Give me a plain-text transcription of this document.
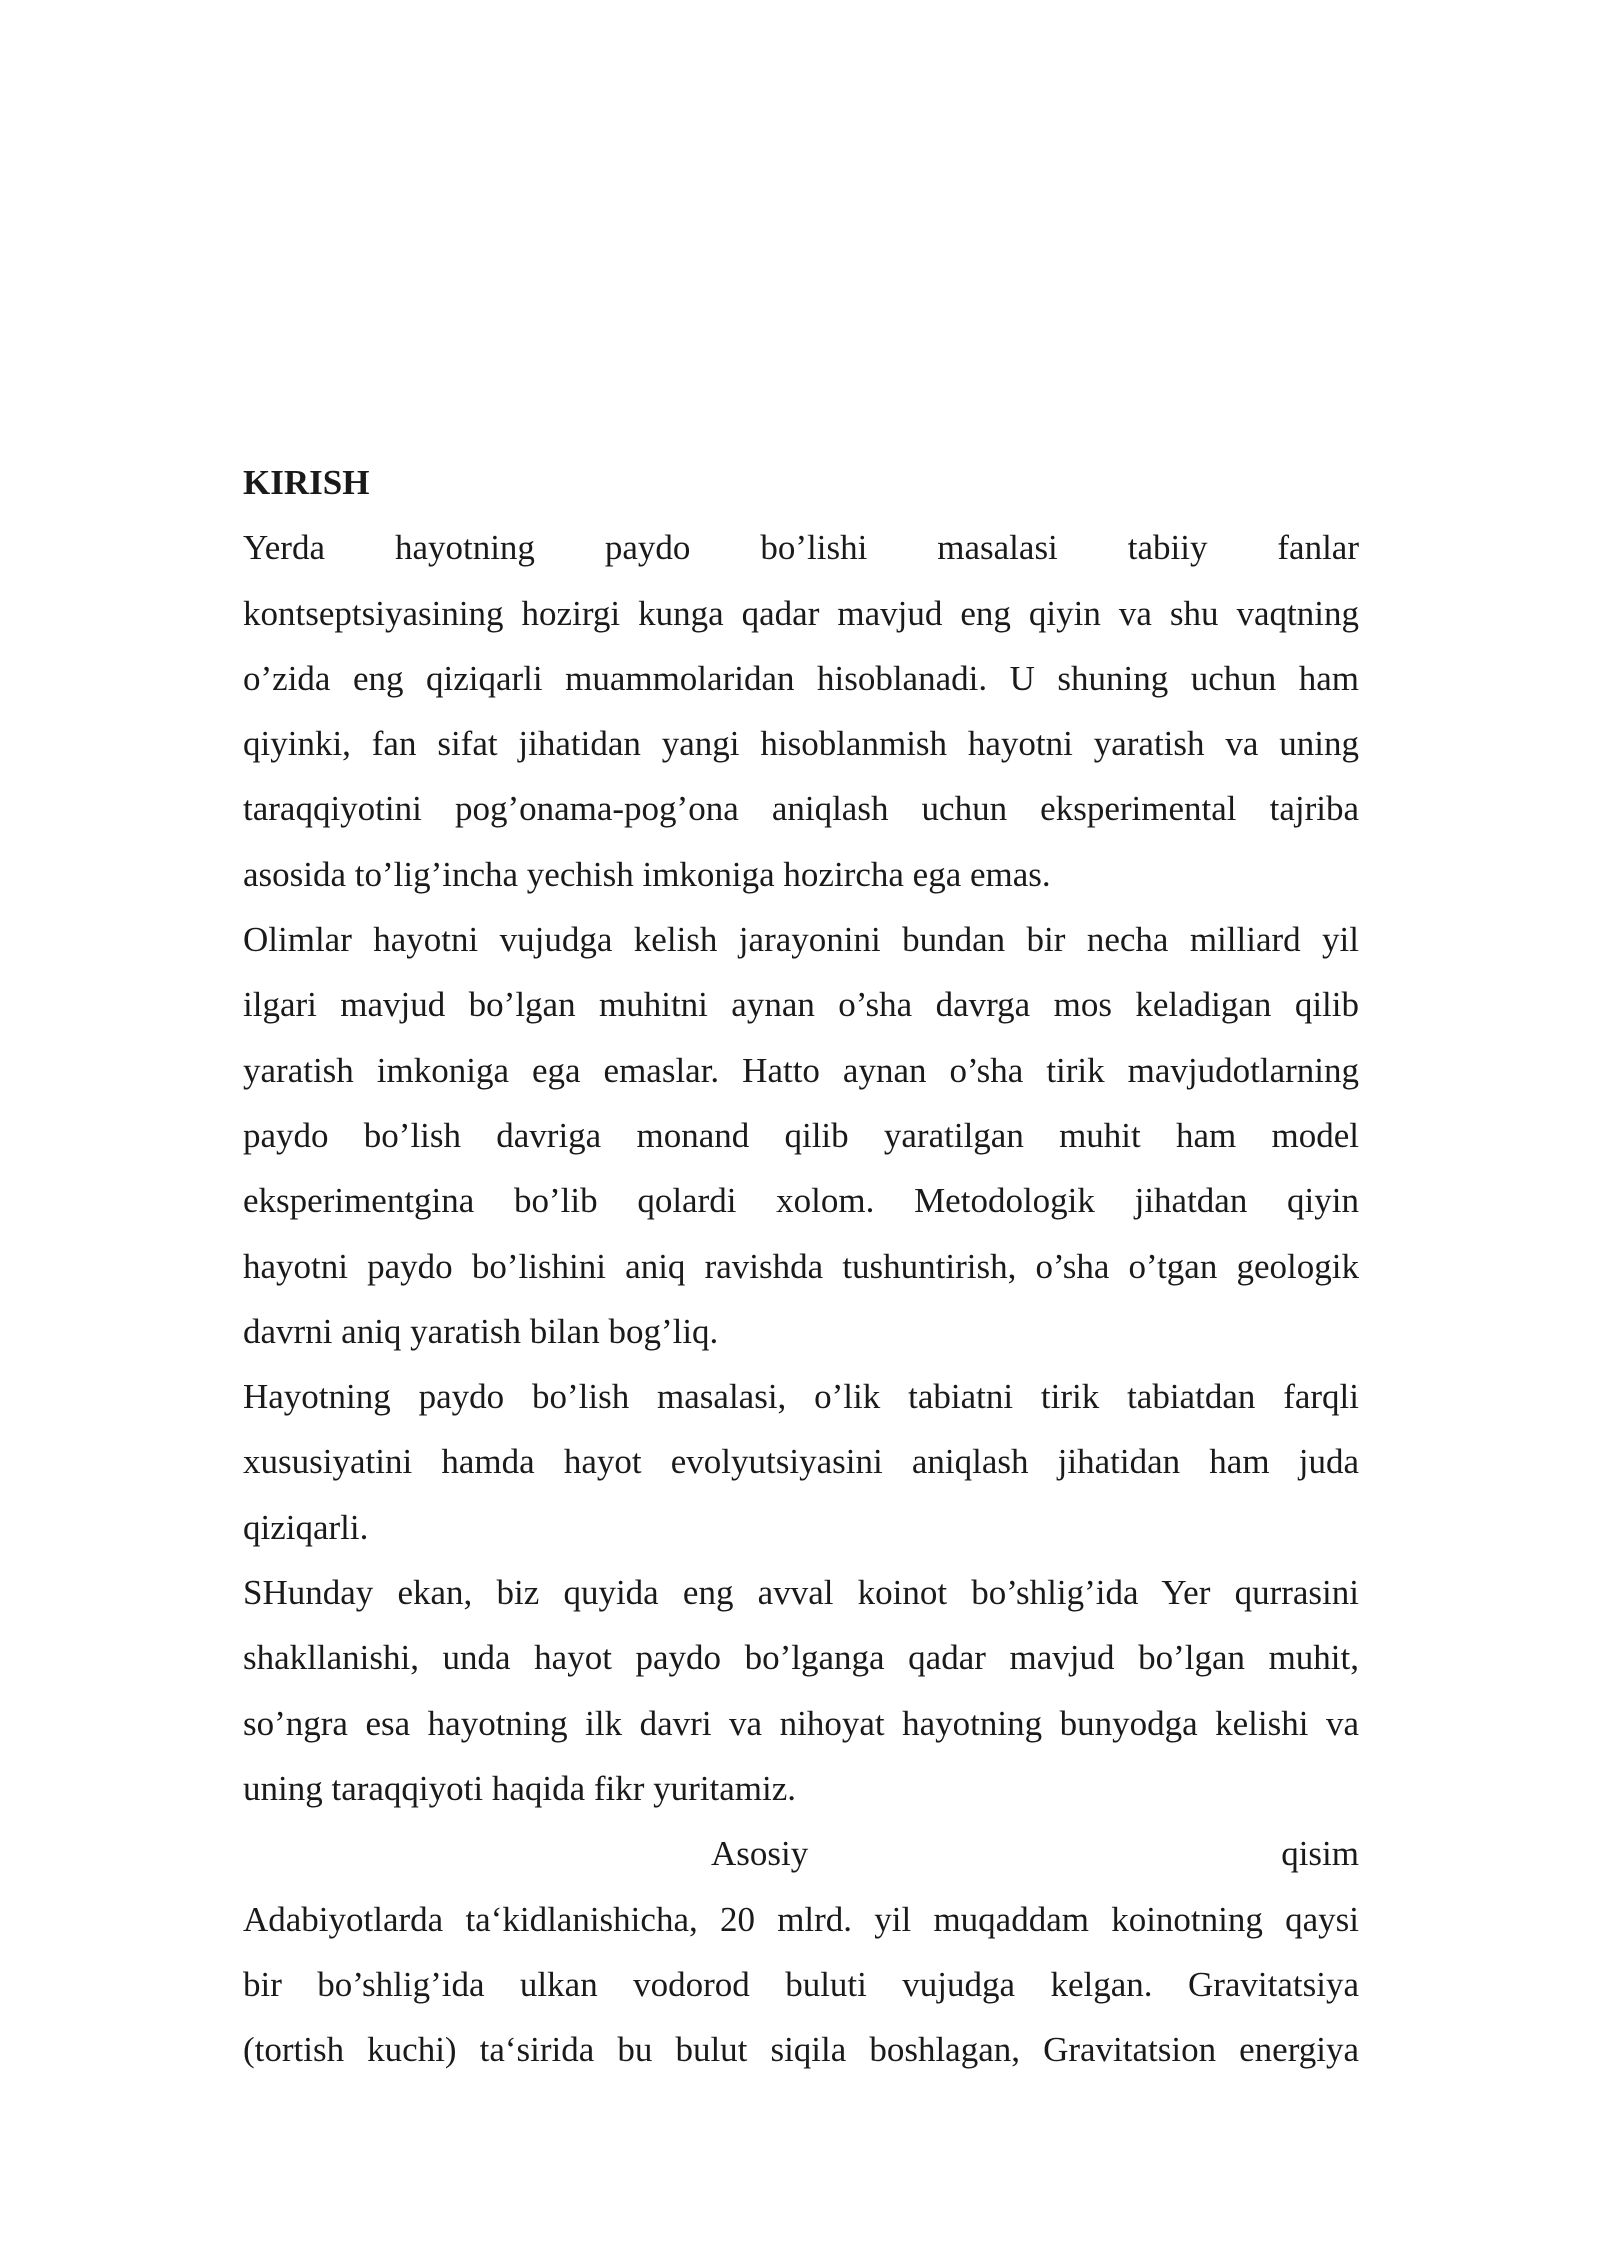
KIRISH
Yerda hayotning paydo bo’lishi masalasi tabiiy fanlar
kontseptsiyasining hozirgi kunga qadar mavjud eng qiyin va shu vaqtning
o’zida eng qiziqarli muammolaridan hisoblanadi. U shuning uchun ham
qiyinki, fan sifat jihatidan yangi hisoblanmish hayotni yaratish va uning
taraqqiyotini pog’onama-pog’ona aniqlash uchun eksperimental tajriba
asosida to’lig’incha yechish imkoniga hozircha ega emas.
Olimlar hayotni vujudga kelish jarayonini bundan bir necha milliard yil
ilgari mavjud bo’lgan muhitni aynan o’sha davrga mos keladigan qilib
yaratish imkoniga ega emaslar. Hatto aynan o’sha tirik mavjudotlarning
paydo bo’lish davriga monand qilib yaratilgan muhit ham model
eksperimentgina bo’lib qolardi xolom. Metodologik jihatdan qiyin
hayotni paydo bo’lishini aniq ravishda tushuntirish, o’sha o’tgan geologik
davrni aniq yaratish bilan bog’liq.
Hayotning paydo bo’lish masalasi, o’lik tabiatni tirik tabiatdan farqli
xususiyatini hamda hayot evolyutsiyasini aniqlash jihatidan ham juda
qiziqarli.
SHunday ekan, biz quyida eng avval koinot bo’shlig’ida Yer qurrasini
shakllanishi, unda hayot paydo bo’lganga qadar mavjud bo’lgan muhit,
so’ngra esa hayotning ilk davri va nihoyat hayotning bunyodga kelishi va
uning taraqqiyoti haqida fikr yuritamiz.
Asosiy qisim
Adabiyotlarda ta‘kidlanishicha, 20 mlrd. yil muqaddam koinotning qaysi
bir bo’shlig’ida ulkan vodorod buluti vujudga kelgan. Gravitatsiya
(tortish kuchi) ta‘sirida bu bulut siqila boshlagan, Gravitatsion energiya
